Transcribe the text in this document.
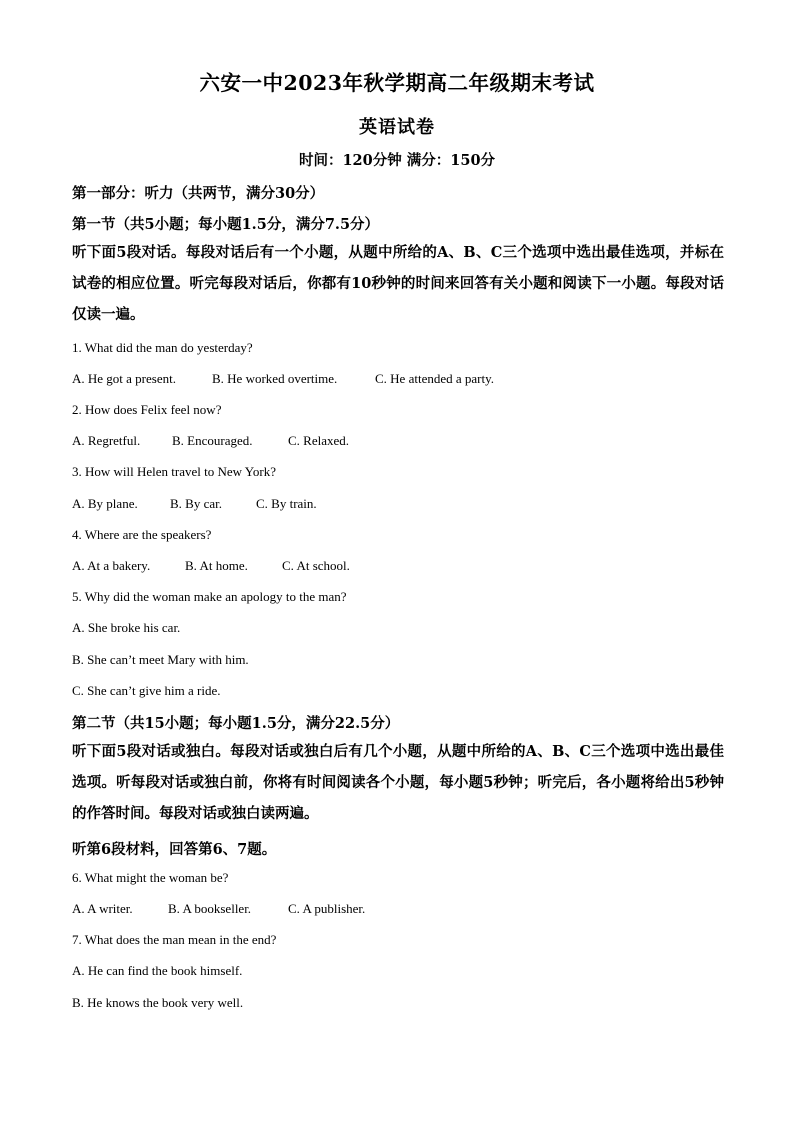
六安一中2023年秋学期高二年级期末考试
英语试卷
时间：120分钟 满分：150分
第一部分：听力（共两节，满分30分）
第一节（共5小题；每小题1.5分，满分7.5分）
听下面5段对话。每段对话后有一个小题，从题中所给的A、B、C三个选项中选出最佳选项，并标在试卷的相应位置。听完每段对话后，你都有10秒钟的时间来回答有关小题和阅读下一小题。每段对话仅读一遍。
1. What did the man do yesterday?
A. He got a present.	B. He worked overtime.	C. He attended a party.
2. How does Felix feel now?
A. Regretful. B. Encouraged.	C. Relaxed.
3. How will Helen travel to New York?
A. By plane. B. By car.	C. By train.
4. Where are the speakers?
A. At a bakery.	B. At home.	C. At school.
5. Why did the woman make an apology to the man?
A. She broke his car.
B. She can’t meet Mary with him.
C. She can’t give him a ride.
第二节（共15小题；每小题1.5分，满分22.5分）
听下面5段对话或独白。每段对话或独白后有几个小题，从题中所给的A、B、C三个选项中选出最佳选项。听每段对话或独白前，你将有时间阅读各个小题，每小题5秒钟；听完后，各小题将给出5秒钟的作答时间。每段对话或独白读两遍。
听第6段材料，回答第6、7题。
6. What might the woman be?
A. A writer.	B. A bookseller.	C. A publisher.
7. What does the man mean in the end?
A. He can find the book himself.
B. He knows the book very well.
